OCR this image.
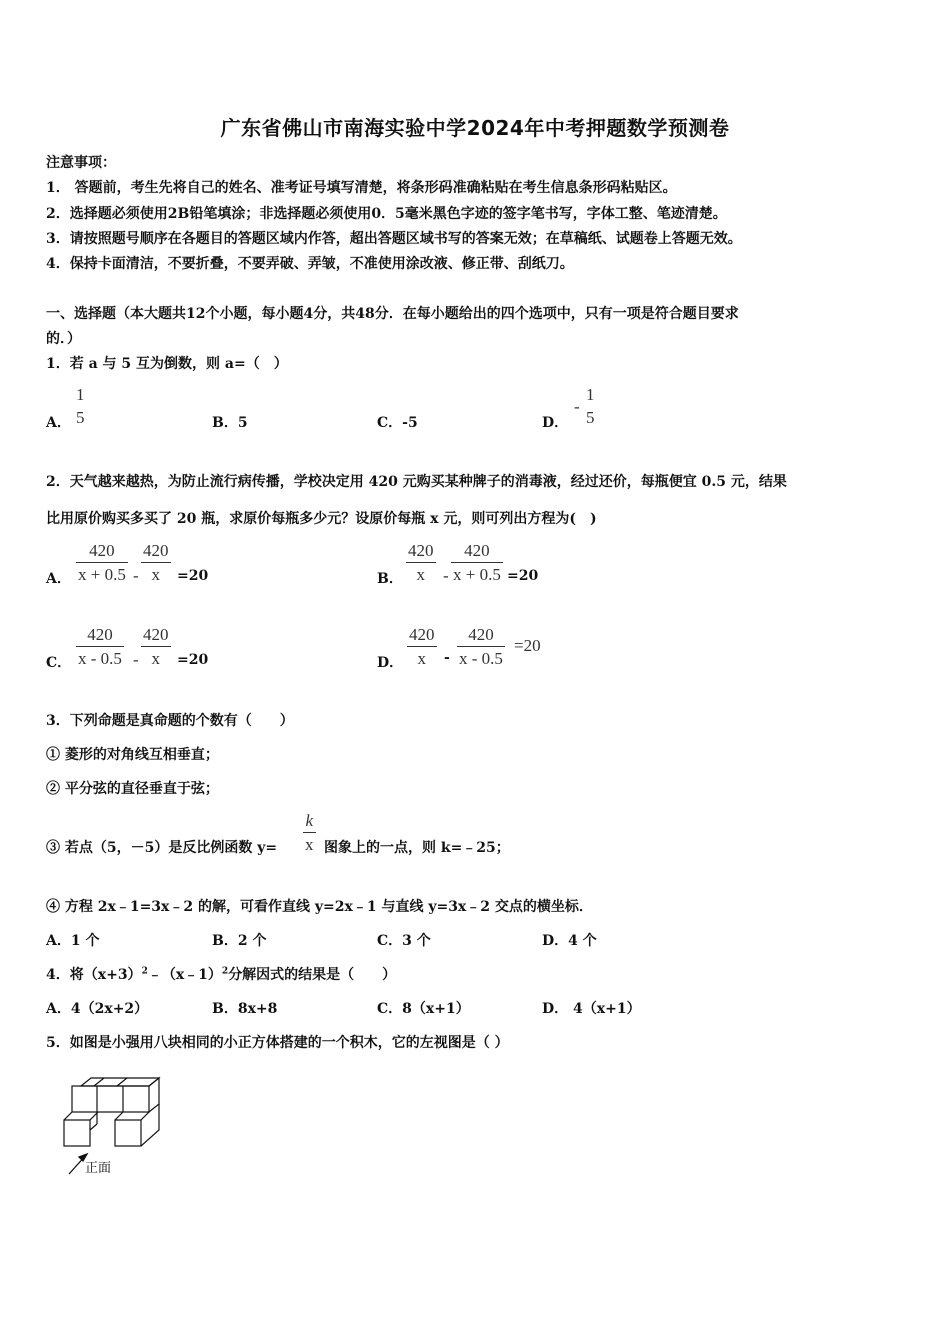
广东省佛山市南海实验中学2024年中考押题数学预测卷
注意事项：
1． 答题前，考生先将自己的姓名、准考证号填写清楚，将条形码准确粘贴在考生信息条形码粘贴区。
2．选择题必须使用2B铅笔填涂；非选择题必须使用0．5毫米黑色字迹的签字笔书写，字体工整、笔迹清楚。
3．请按照题号顺序在各题目的答题区域内作答，超出答题区域书写的答案无效；在草稿纸、试题卷上答题无效。
4．保持卡面清洁，不要折叠，不要弄破、弄皱，不准使用涂改液、修正带、刮纸刀。
一、选择题（本大题共12个小题，每小题4分，共48分．在每小题给出的四个选项中，只有一项是符合题目要求
的．）
1．若 a 与 5 互为倒数，则 a=（　）
A．
1
5	B．5	C．-5	D．
-
1
5
2．天气越来越热，为防止流行病传播，学校决定用 420 元购买某种牌子的消毒液，经过还价，每瓶便宜 0.5 元，结果
比用原价购买多买了 20 瓶，求原价每瓶多少元？设原价每瓶 x 元，则可列出方程为(　)
A． $\frac{420}{x + 0.5} - \frac{420}{x} =20$	B． $\frac{420}{x} - \frac{420}{x + 0.5} =20$
C． $\frac{420}{x - 0.5} - \frac{420}{x} =20$	D． $\frac{420}{x} - \frac{420}{x - 0.5} =20$
3．下列命题是真命题的个数有（　　）
① 菱形的对角线互相垂直；
② 平分弦的直径垂直于弦；
③ 若点（5，－5）是反比例函数 $y= \frac{k}{x}$ 图象上的一点，则 k=﹣25；
④ 方程 2x﹣1=3x﹣2 的解，可看作直线 y=2x﹣1 与直线 y=3x﹣2 交点的横坐标．
A．1 个	B．2 个	C．3 个	D．4 个
4．将$(x+3)^2﹣(x﹣1)^2$分解因式的结果是（　　）
A．4（2x+2）	B．8x+8	C．8（x+1）	D． 4（x+1）
5．如图是小强用八块相同的小正方体搭建的一个积木，它的左视图是（ ）
正面
